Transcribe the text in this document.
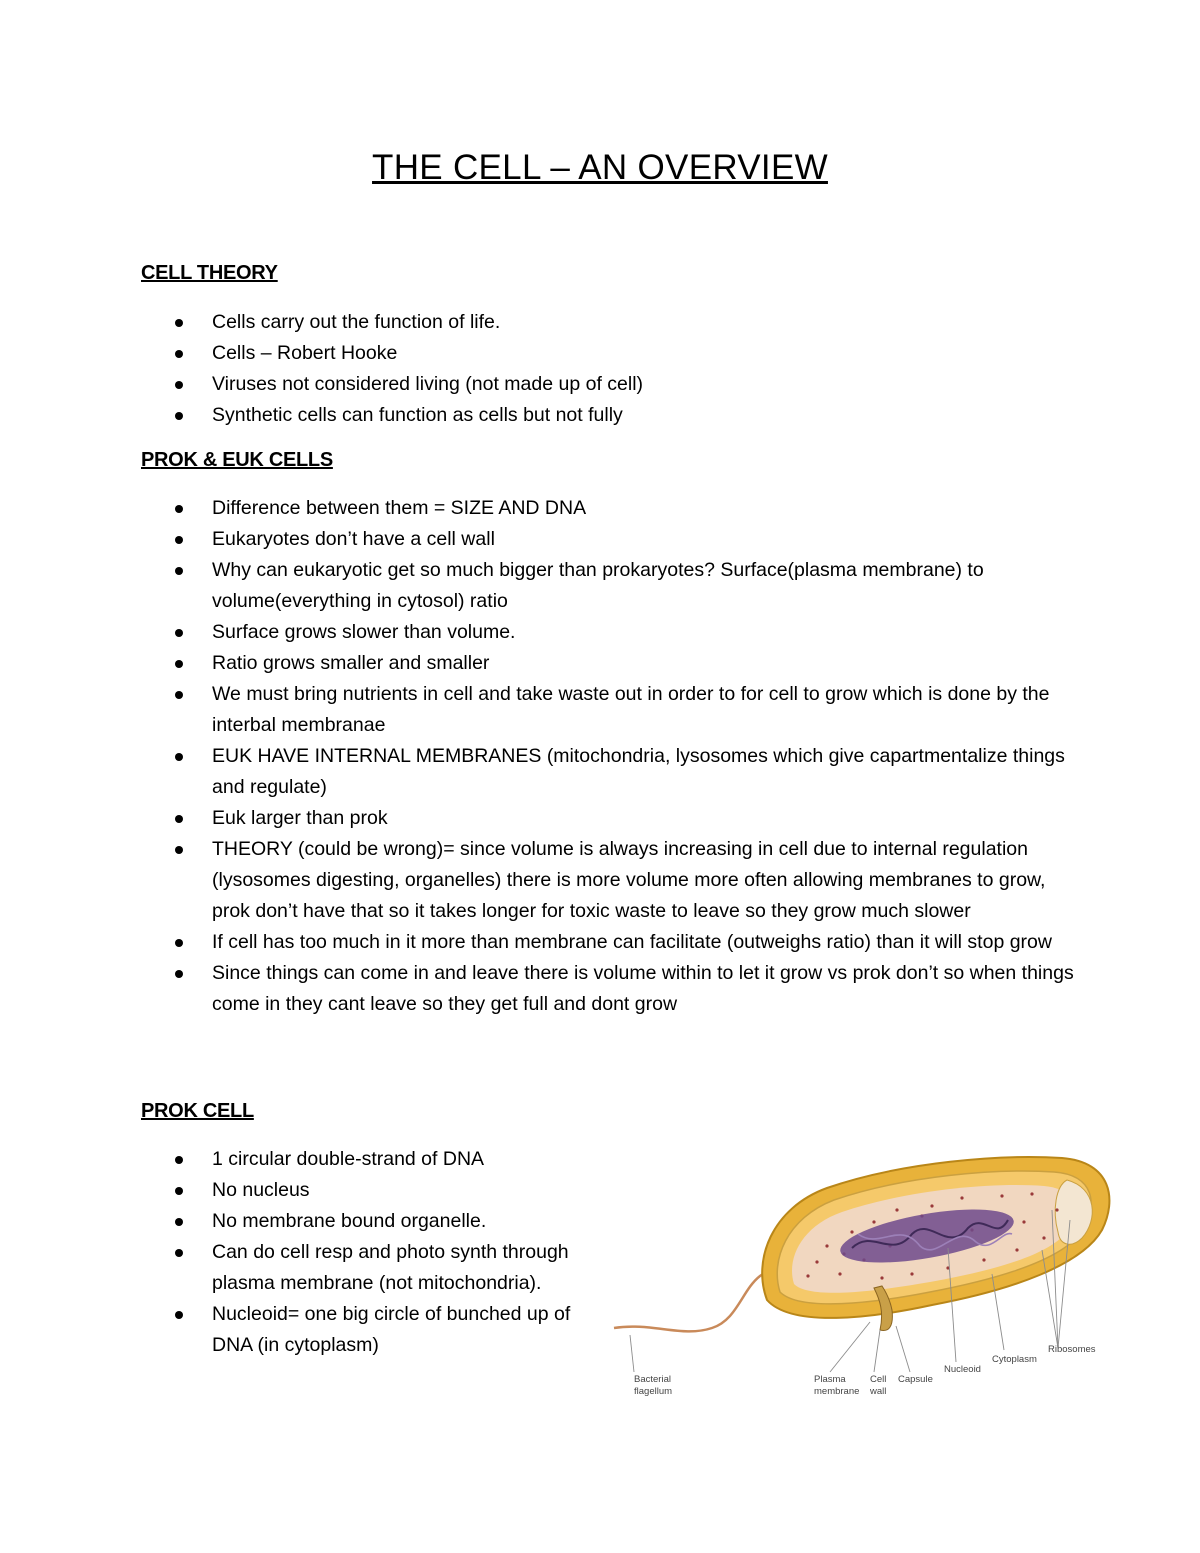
THE CELL – AN OVERVIEW
CELL THEORY
Cells carry out the function of life.
Cells – Robert Hooke
Viruses not considered living (not made up of cell)
Synthetic cells can function as cells but not fully
PROK & EUK CELLS
Difference between them = SIZE AND DNA
Eukaryotes don’t have a cell wall
Why can eukaryotic get so much bigger than prokaryotes? Surface(plasma membrane) to volume(everything in cytosol) ratio
Surface grows slower than volume.
Ratio grows smaller and smaller
We must bring nutrients in cell and take waste out in order to for cell to grow which is done by the interbal membranae
EUK HAVE INTERNAL MEMBRANES (mitochondria, lysosomes which give capartmentalize things and regulate)
Euk larger than prok
THEORY (could be wrong)= since volume is always increasing in cell due to internal regulation (lysosomes digesting, organelles) there is more volume more often allowing membranes to grow, prok don’t have that so it takes longer for toxic waste to leave so they grow much slower
If cell has too much in it more than membrane can facilitate (outweighs ratio) than it will stop grow
Since things can come in and leave there is volume within to let it grow vs prok don’t so when things come in they cant leave so they get full and dont grow
PROK CELL
1 circular double-strand of DNA
No nucleus
No membrane bound organelle.
Can do cell resp and photo synth through plasma membrane (not mitochondria).
Nucleoid= one big circle of bunched up of DNA (in cytoplasm)
Bacterial
flagellum
Plasma
membrane
Cell
wall
Capsule
Nucleoid
Cytoplasm
Ribosomes
